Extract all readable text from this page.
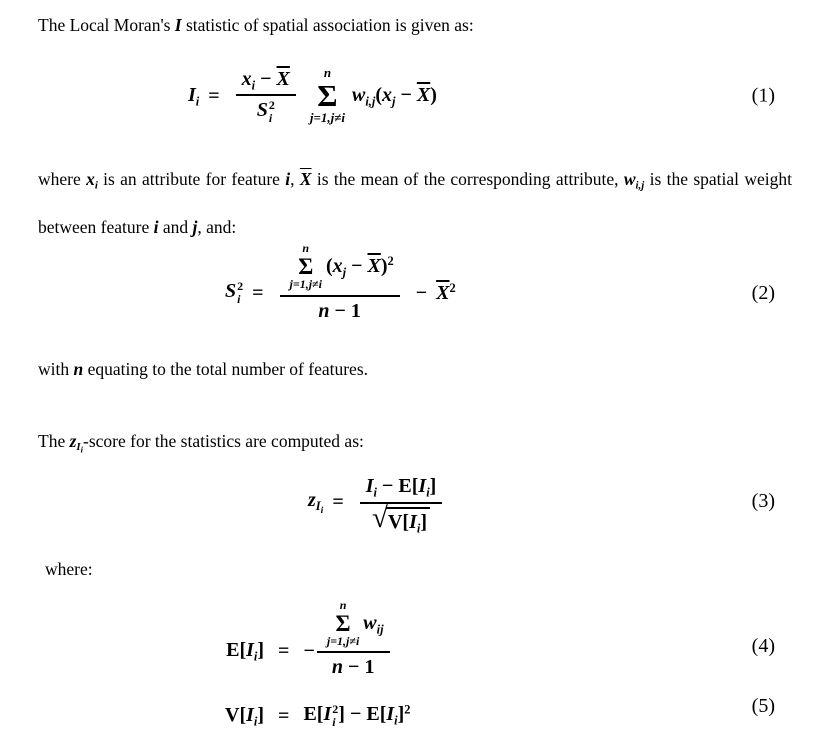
The Local Moran's I statistic of spatial association is given as:

$I_i = x_i - \overline{X}$
S 2
i n
Σ
j=1,j≠i
$w_{i,j}(x_j - \overline{X})$	(1)

where xi is an attribute for feature i, $\overline{X}$ is the mean of the corresponding attribute, wi,j is the spatial weight between feature i and j, and:

S 2
i =
n
Σ
j=1,j≠i
$(x_j - \overline{X})^2$
n − 1
− $\overline{X}^2$	(2)

with n equating to the total number of features.

The $zI_i$-score for the statistics are computed as:

$z_{I_i} = \frac{I_i - E[I_i]}{√ V[I_i]}$	(3)

where:

$E[I_i]$ = −
n
Σ
j=1,j≠i
$w_{ij}$
n − 1
$V[I_i] = E[I$ 2
i ] − $E[I_i]^2$
(4)
(5)
